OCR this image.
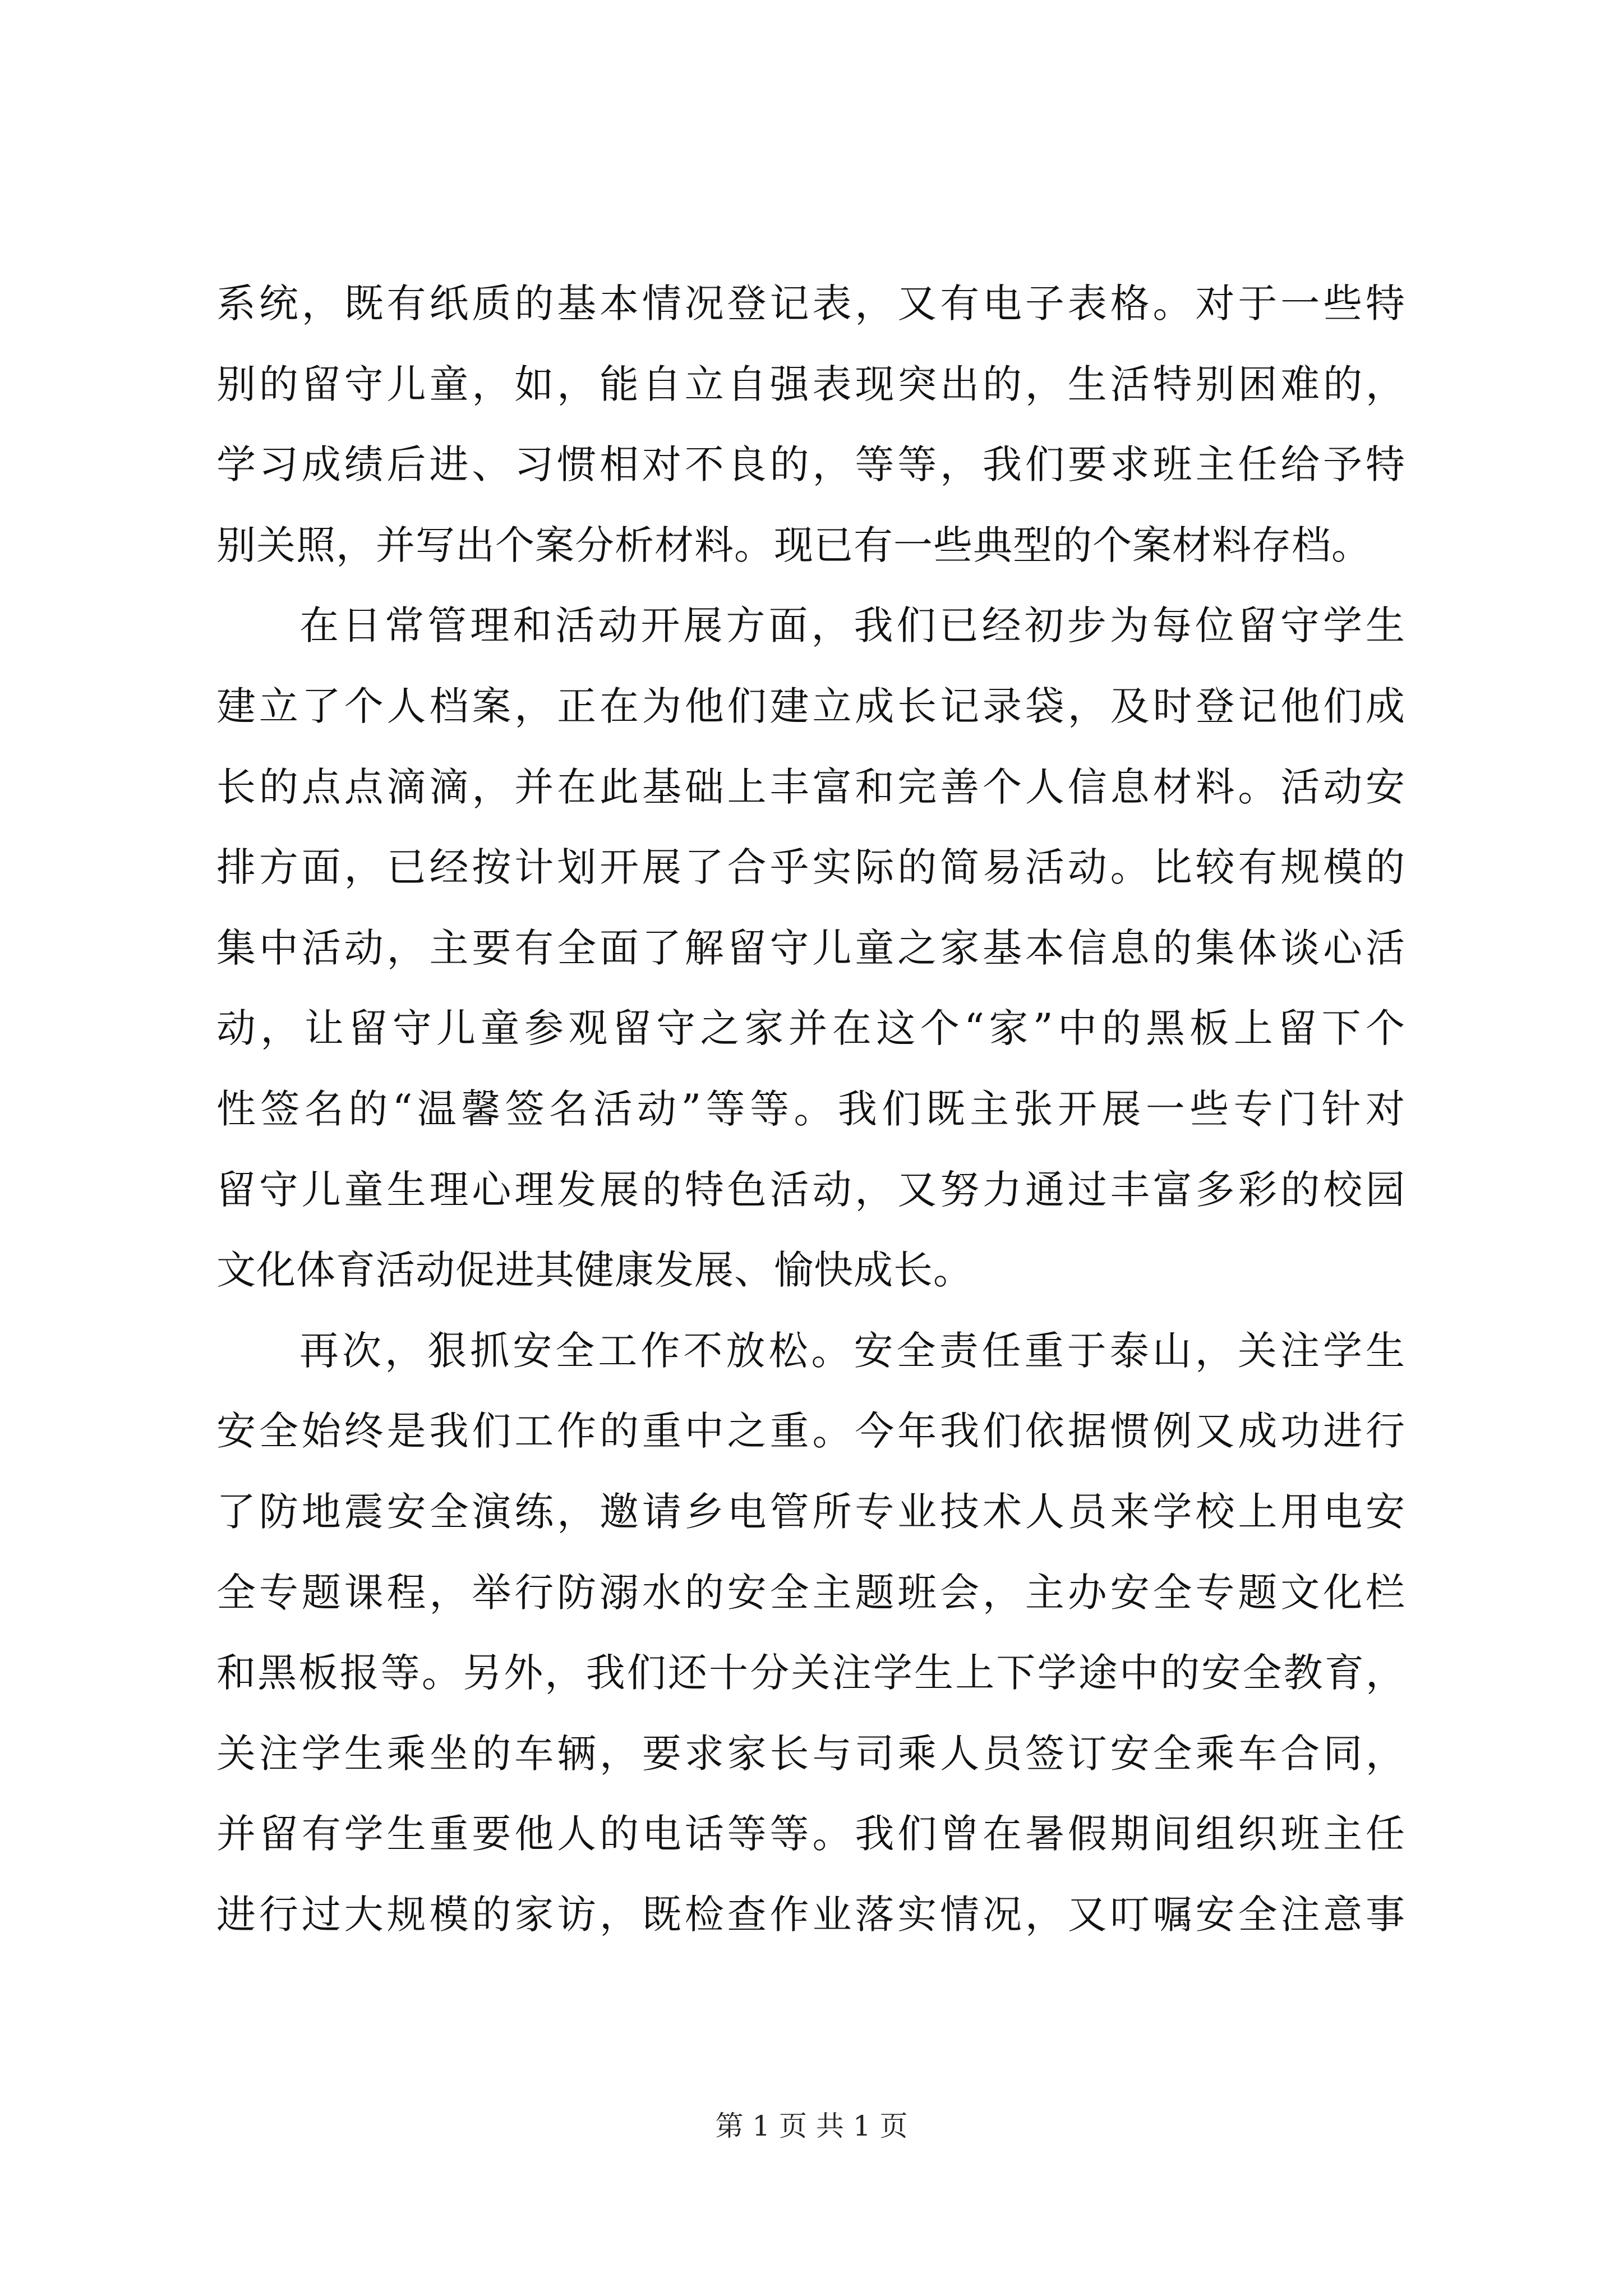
系统，既有纸质的基本情况登记表，又有电子表格。对于一些特
别的留守儿童，如，能自立自强表现突出的，生活特别困难的，
学习成绩后进、习惯相对不良的，等等，我们要求班主任给予特
别关照，并写出个案分析材料。现已有一些典型的个案材料存档。
在日常管理和活动开展方面，我们已经初步为每位留守学生
建立了个人档案，正在为他们建立成长记录袋，及时登记他们成
长的点点滴滴，并在此基础上丰富和完善个人信息材料。活动安
排方面，已经按计划开展了合乎实际的简易活动。比较有规模的
集中活动，主要有全面了解留守儿童之家基本信息的集体谈心活
动，让留守儿童参观留守之家并在这个“家”中的黑板上留下个
性签名的“温馨签名活动”等等。我们既主张开展一些专门针对
留守儿童生理心理发展的特色活动，又努力通过丰富多彩的校园
文化体育活动促进其健康发展、愉快成长。
再次，狠抓安全工作不放松。安全责任重于泰山，关注学生
安全始终是我们工作的重中之重。今年我们依据惯例又成功进行
了防地震安全演练，邀请乡电管所专业技术人员来学校上用电安
全专题课程，举行防溺水的安全主题班会，主办安全专题文化栏
和黑板报等。另外，我们还十分关注学生上下学途中的安全教育，
关注学生乘坐的车辆，要求家长与司乘人员签订安全乘车合同，
并留有学生重要他人的电话等等。我们曾在暑假期间组织班主任
进行过大规模的家访，既检查作业落实情况，又叮嘱安全注意事
第 1 页 共 1 页
